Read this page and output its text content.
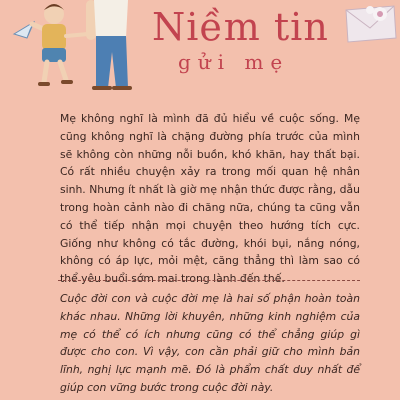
Niềm tin
gửi mẹ

Mẹ không nghĩ là mình đã đủ hiểu về cuộc sống. Mẹ cũng không nghĩ là chặng đường phía trước của mình sẽ không còn những nỗi buồn, khó khăn, hay thất bại. Có rất nhiều chuyện xảy ra trong mối quan hệ nhân sinh. Nhưng ít nhất là giờ mẹ nhận thức được rằng, dẫu trong hoàn cảnh nào đi chăng nữa, chúng ta cũng vẫn có thể tiếp nhận mọi chuyện theo hướng tích cực. Giống như không có tắc đường, khói bụi, nắng nóng, không có áp lực, mỏi mệt, căng thẳng thì làm sao có thể yêu buổi sớm mai trong lành đến thế.

Cuộc đời con và cuộc đời mẹ là hai số phận hoàn toàn khác nhau. Những lời khuyên, những kinh nghiệm của mẹ có thể có ích nhưng cũng có thể chẳng giúp gì được cho con. Vì vậy, con cần phải giữ cho mình bản lĩnh, nghị lực mạnh mẽ. Đó là phẩm chất duy nhất để giúp con vững bước trong cuộc đời này.
